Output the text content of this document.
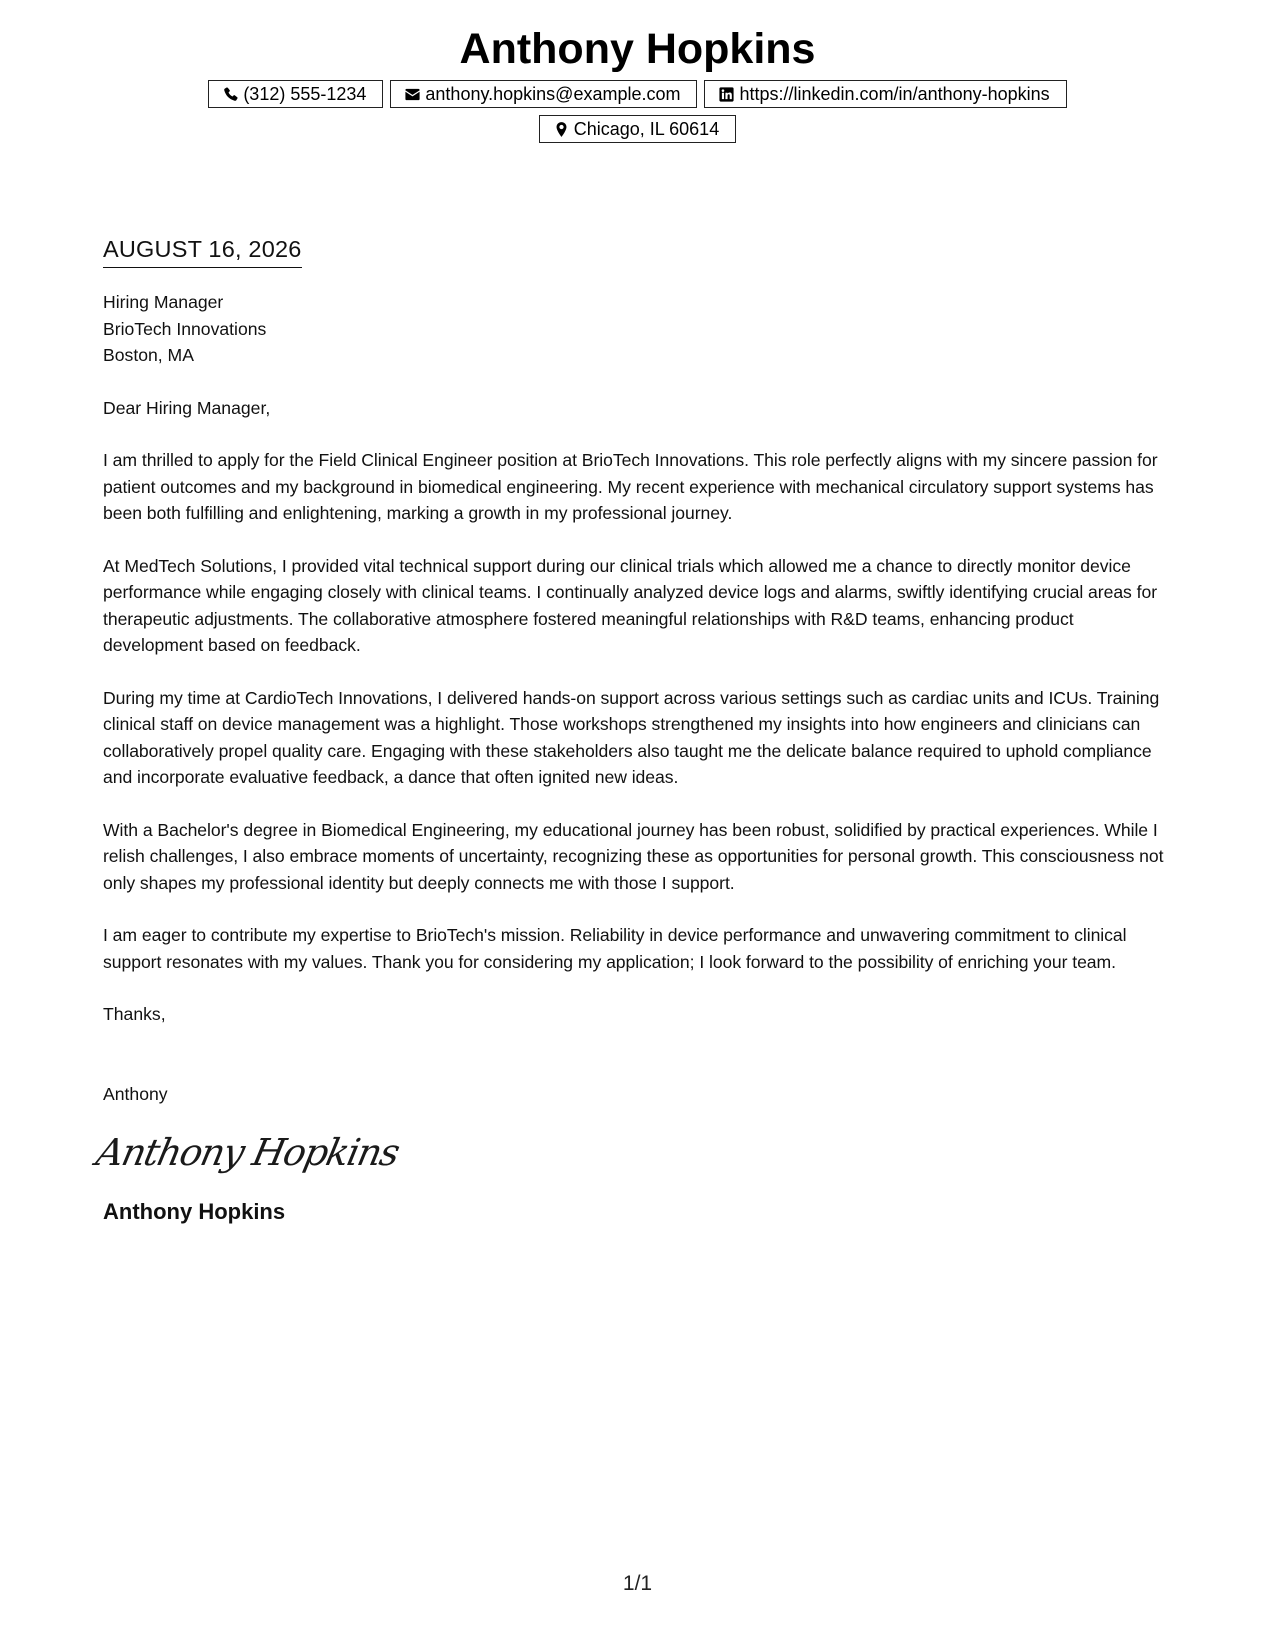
Anthony Hopkins
(312) 555-1234	anthony.hopkins@example.com	https://linkedin.com/in/anthony-hopkins
Chicago, IL 60614
AUGUST 16, 2026
Hiring Manager
BrioTech Innovations
Boston, MA
Dear Hiring Manager,

I am thrilled to apply for the Field Clinical Engineer position at BrioTech Innovations. This role perfectly aligns with my sincere passion for patient outcomes and my background in biomedical engineering. My recent experience with mechanical circulatory support systems has been both fulfilling and enlightening, marking a growth in my professional journey.

At MedTech Solutions, I provided vital technical support during our clinical trials which allowed me a chance to directly monitor device performance while engaging closely with clinical teams. I continually analyzed device logs and alarms, swiftly identifying crucial areas for therapeutic adjustments. The collaborative atmosphere fostered meaningful relationships with R&D teams, enhancing product development based on feedback.

During my time at CardioTech Innovations, I delivered hands-on support across various settings such as cardiac units and ICUs. Training clinical staff on device management was a highlight. Those workshops strengthened my insights into how engineers and clinicians can collaboratively propel quality care. Engaging with these stakeholders also taught me the delicate balance required to uphold compliance and incorporate evaluative feedback, a dance that often ignited new ideas.

With a Bachelor's degree in Biomedical Engineering, my educational journey has been robust, solidified by practical experiences. While I relish challenges, I also embrace moments of uncertainty, recognizing these as opportunities for personal growth. This consciousness not only shapes my professional identity but deeply connects me with those I support.

I am eager to contribute my expertise to BrioTech's mission. Reliability in device performance and unwavering commitment to clinical support resonates with my values. Thank you for considering my application; I look forward to the possibility of enriching your team.

Thanks,
Anthony
Anthony Hopkins
Anthony Hopkins
1/1
